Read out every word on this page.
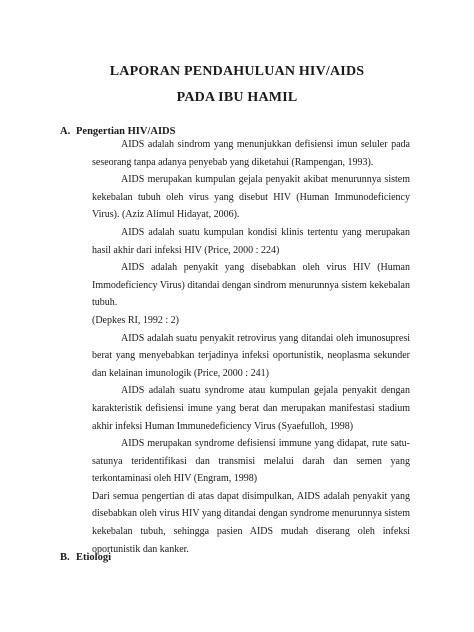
LAPORAN PENDAHULUAN HIV/AIDS
PADA IBU HAMIL
A. Pengertian HIV/AIDS

AIDS adalah sindrom yang menunjukkan defisiensi imun seluler pada seseorang tanpa adanya penyebab yang diketahui (Rampengan, 1993).

AIDS merupakan kumpulan gejala penyakit akibat menurunnya sistem kekebalan tubuh oleh virus yang disebut HIV (Human Immunodeficiency Virus). (Aziz Alimul Hidayat, 2006).

AIDS adalah suatu kumpulan kondisi klinis tertentu yang merupakan hasil akhir dari infeksi HIV (Price, 2000 : 224)

AIDS adalah penyakit yang disebabkan oleh virus HIV (Human Immodeficiency Virus) ditandai dengan sindrom menurunnya sistem kekebalan tubuh.

(Depkes RI, 1992 : 2)

AIDS adalah suatu penyakit retrovirus yang ditandai oleh imunosupresi berat yang menyebabkan terjadinya infeksi oportunistik, neoplasma sekunder dan kelainan imunologik (Price, 2000 : 241)

AIDS adalah suatu syndrome atau kumpulan gejala penyakit dengan karakteristik defisiensi imune yang berat dan merupakan manifestasi stadium akhir infeksi Human Immunedeficiency Virus (Syaefulloh, 1998)

AIDS merupakan syndrome defisiensi immune yang didapat, rute satu-satunya teridentifikasi dan transmisi melalui darah dan semen yang terkontaminasi oleh HIV (Engram, 1998)

Dari semua pengertian di atas dapat disimpulkan, AIDS adalah penyakit yang disebabkan oleh virus HIV yang ditandai dengan syndrome menurunnya sistem kekebalan tubuh, sehingga pasien AIDS mudah diserang oleh infeksi oportunistik dan kanker.

B. Etiologi
